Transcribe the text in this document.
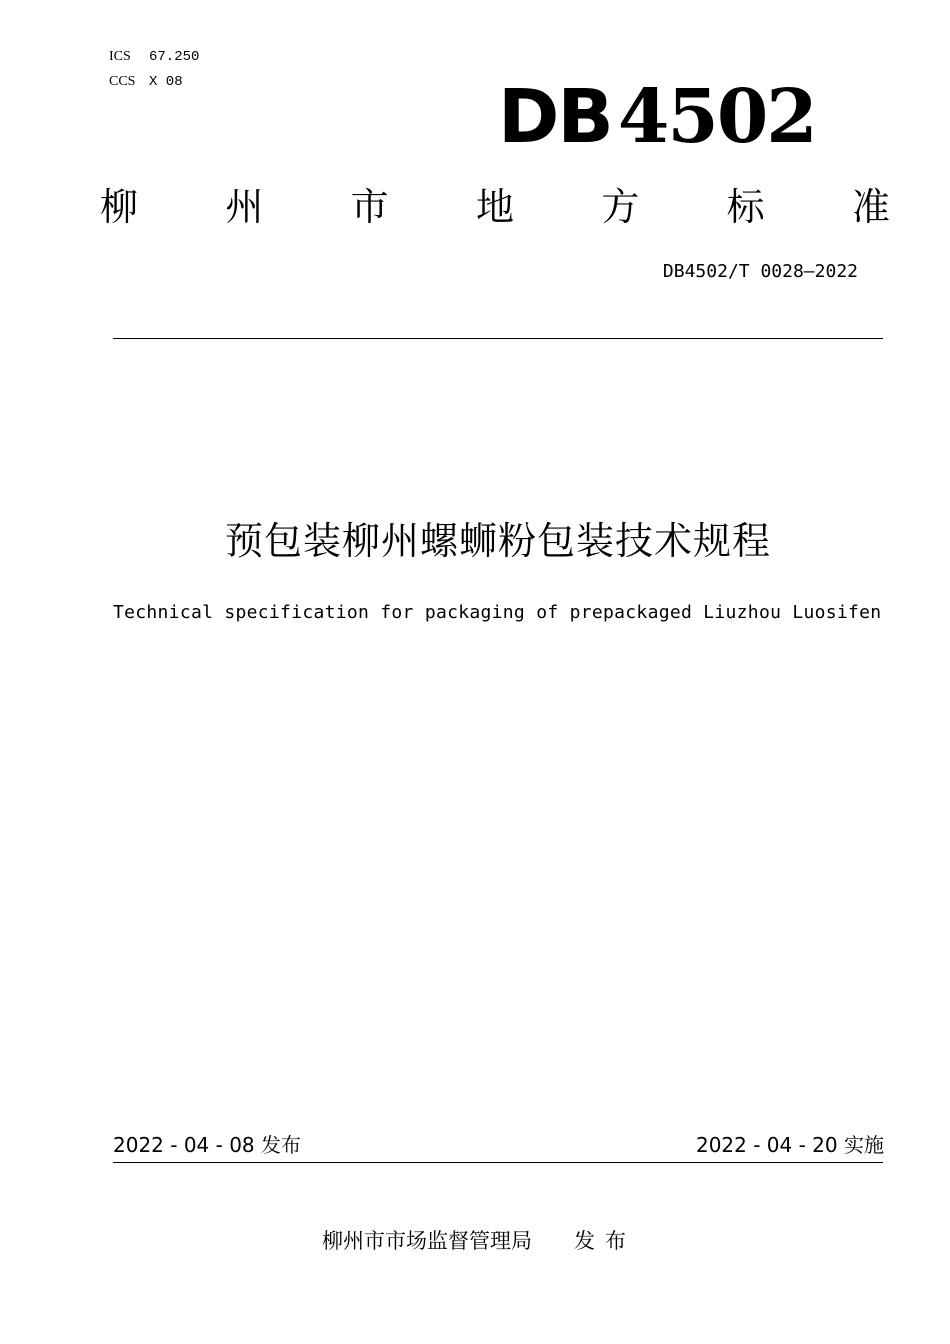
ICS 67.250
CCS X 08	DB4502
柳 州 市 地 方 标 准
DB4502/T 0028—2022
预包装柳州螺蛳粉包装技术规程
Technical specification for packaging of prepackaged Liuzhou Luosifen
2022 - 04 - 08 发布	2022 - 04 - 20 实施
柳州市市场监督管理局 发布
